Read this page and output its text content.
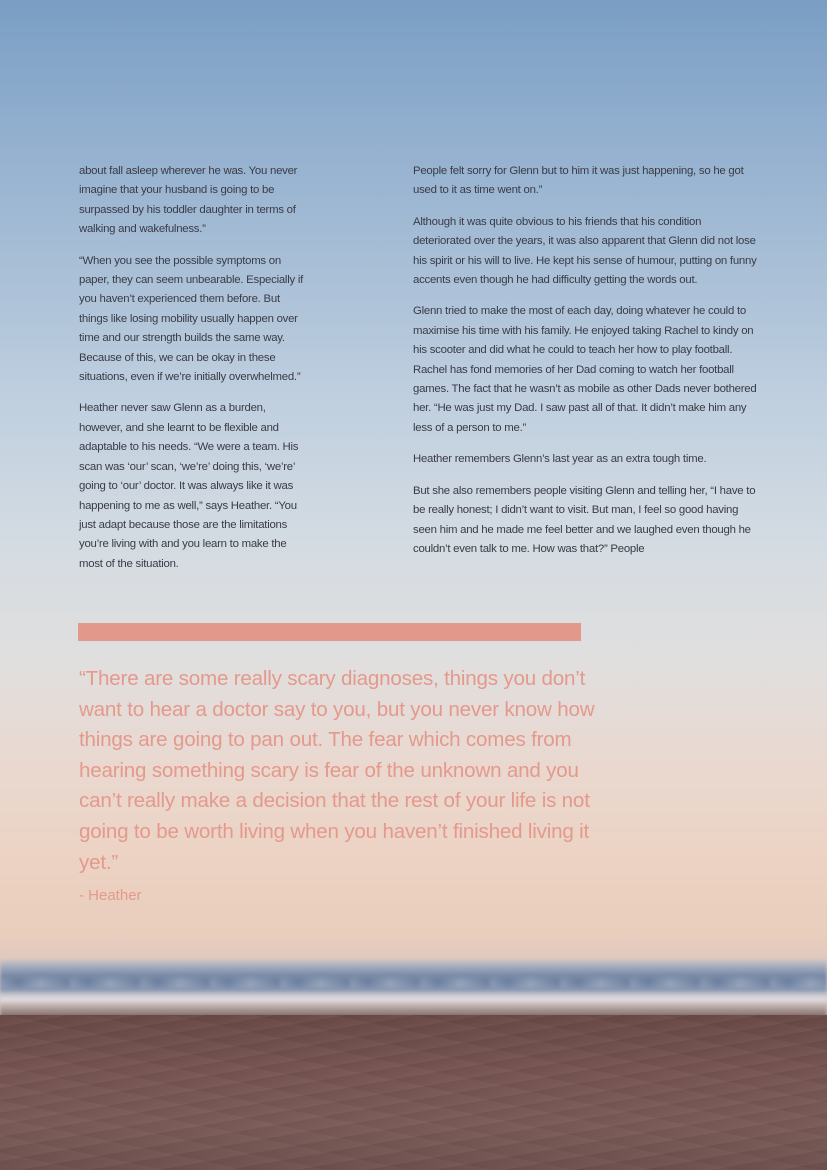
about fall asleep wherever he was. You never imagine that your husband is going to be surpassed by his toddler daughter in terms of walking and wakefulness.”

“When you see the possible symptoms on paper, they can seem unbearable. Especially if you haven’t experienced them before. But things like losing mobility usually happen over time and our strength builds the same way. Because of this, we can be okay in these situations, even if we’re initially overwhelmed.”

Heather never saw Glenn as a burden, however, and she learnt to be flexible and adaptable to his needs. “We were a team. His scan was ‘our’ scan, ‘we’re’ doing this, ‘we’re’ going to ‘our’ doctor. It was always like it was happening to me as well,” says Heather. “You just adapt because those are the limitations you’re living with and you learn to make the most of the situation.

People felt sorry for Glenn but to him it was just happening, so he got used to it as time went on.”

Although it was quite obvious to his friends that his condition deteriorated over the years, it was also apparent that Glenn did not lose his spirit or his will to live. He kept his sense of humour, putting on funny accents even though he had difficulty getting the words out.

Glenn tried to make the most of each day, doing whatever he could to maximise his time with his family. He enjoyed taking Rachel to kindy on his scooter and did what he could to teach her how to play football. Rachel has fond memories of her Dad coming to watch her football games. The fact that he wasn’t as mobile as other Dads never bothered her. “He was just my Dad. I saw past all of that. It didn’t make him any less of a person to me.”

Heather remembers Glenn’s last year as an extra tough time.

But she also remembers people visiting Glenn and telling her, “I have to be really honest; I didn’t want to visit. But man, I feel so good having seen him and he made me feel better and we laughed even though he couldn’t even talk to me. How was that?” People

“There are some really scary diagnoses, things you don’t want to hear a doctor say to you, but you never know how things are going to pan out. The fear which comes from hearing something scary is fear of the unknown and you can’t really make a decision that the rest of your life is not going to be worth living when you haven’t finished living it yet.”

- Heather
